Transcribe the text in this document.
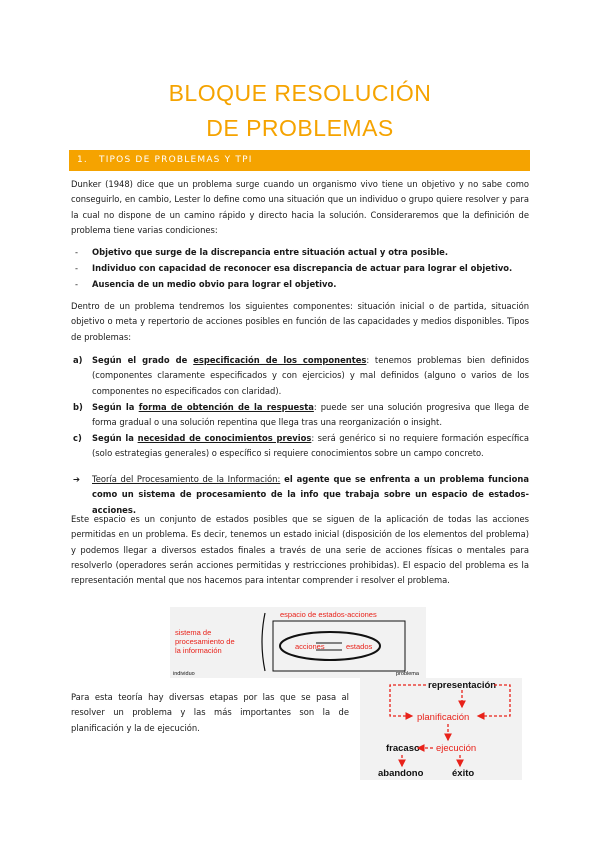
BLOQUE RESOLUCIÓN
DE PROBLEMAS
1. TIPOS DE PROBLEMAS Y TPI
Dunker (1948) dice que un problema surge cuando un organismo vivo tiene un objetivo y no sabe como conseguirlo, en cambio, Lester lo define como una situación que un individuo o grupo quiere resolver y para la cual no dispone de un camino rápido y directo hacia la solución. Consideraremos que la definición de problema tiene varias condiciones:
- Objetivo que surge de la discrepancia entre situación actual y otra posible.
- Individuo con capacidad de reconocer esa discrepancia de actuar para lograr el objetivo.
- Ausencia de un medio obvio para lograr el objetivo.
Dentro de un problema tendremos los siguientes componentes: situación inicial o de partida, situación objetivo o meta y repertorio de acciones posibles en función de las capacidades y medios disponibles. Tipos de problemas:
a) Según el grado de especificación de los componentes: tenemos problemas bien definidos (componentes claramente especificados y con ejercicios) y mal definidos (alguno o varios de los componentes no especificados con claridad).
b) Según la forma de obtención de la respuesta: puede ser una solución progresiva que llega de forma gradual o una solución repentina que llega tras una reorganización o insight.
c) Según la necesidad de conocimientos previos: será genérico si no requiere formación específica (solo estrategias generales) o específico si requiere conocimientos sobre un campo concreto.
➔ Teoría del Procesamiento de la Información: el agente que se enfrenta a un problema funciona como un sistema de procesamiento de la info que trabaja sobre un espacio de estados-acciones.
Este espacio es un conjunto de estados posibles que se siguen de la aplicación de todas las acciones permitidas en un problema. Es decir, tenemos un estado inicial (disposición de los elementos del problema) y podemos llegar a diversos estados finales a través de una serie de acciones físicas o mentales para resolverlo (operadores serán acciones permitidas y restricciones prohibidas). El espacio del problema es la representación mental que nos hacemos para intentar comprender i resolver el problema.
sistema de
procesamiento de
la información
espacio de estados-acciones
acciones	estados
individuo	problema
Para esta teoría hay diversas etapas por las que se pasa al resolver un problema y las más importantes son la de planificación y la de ejecución.
representación
planificación
fracaso ejecución
abandono	éxito
